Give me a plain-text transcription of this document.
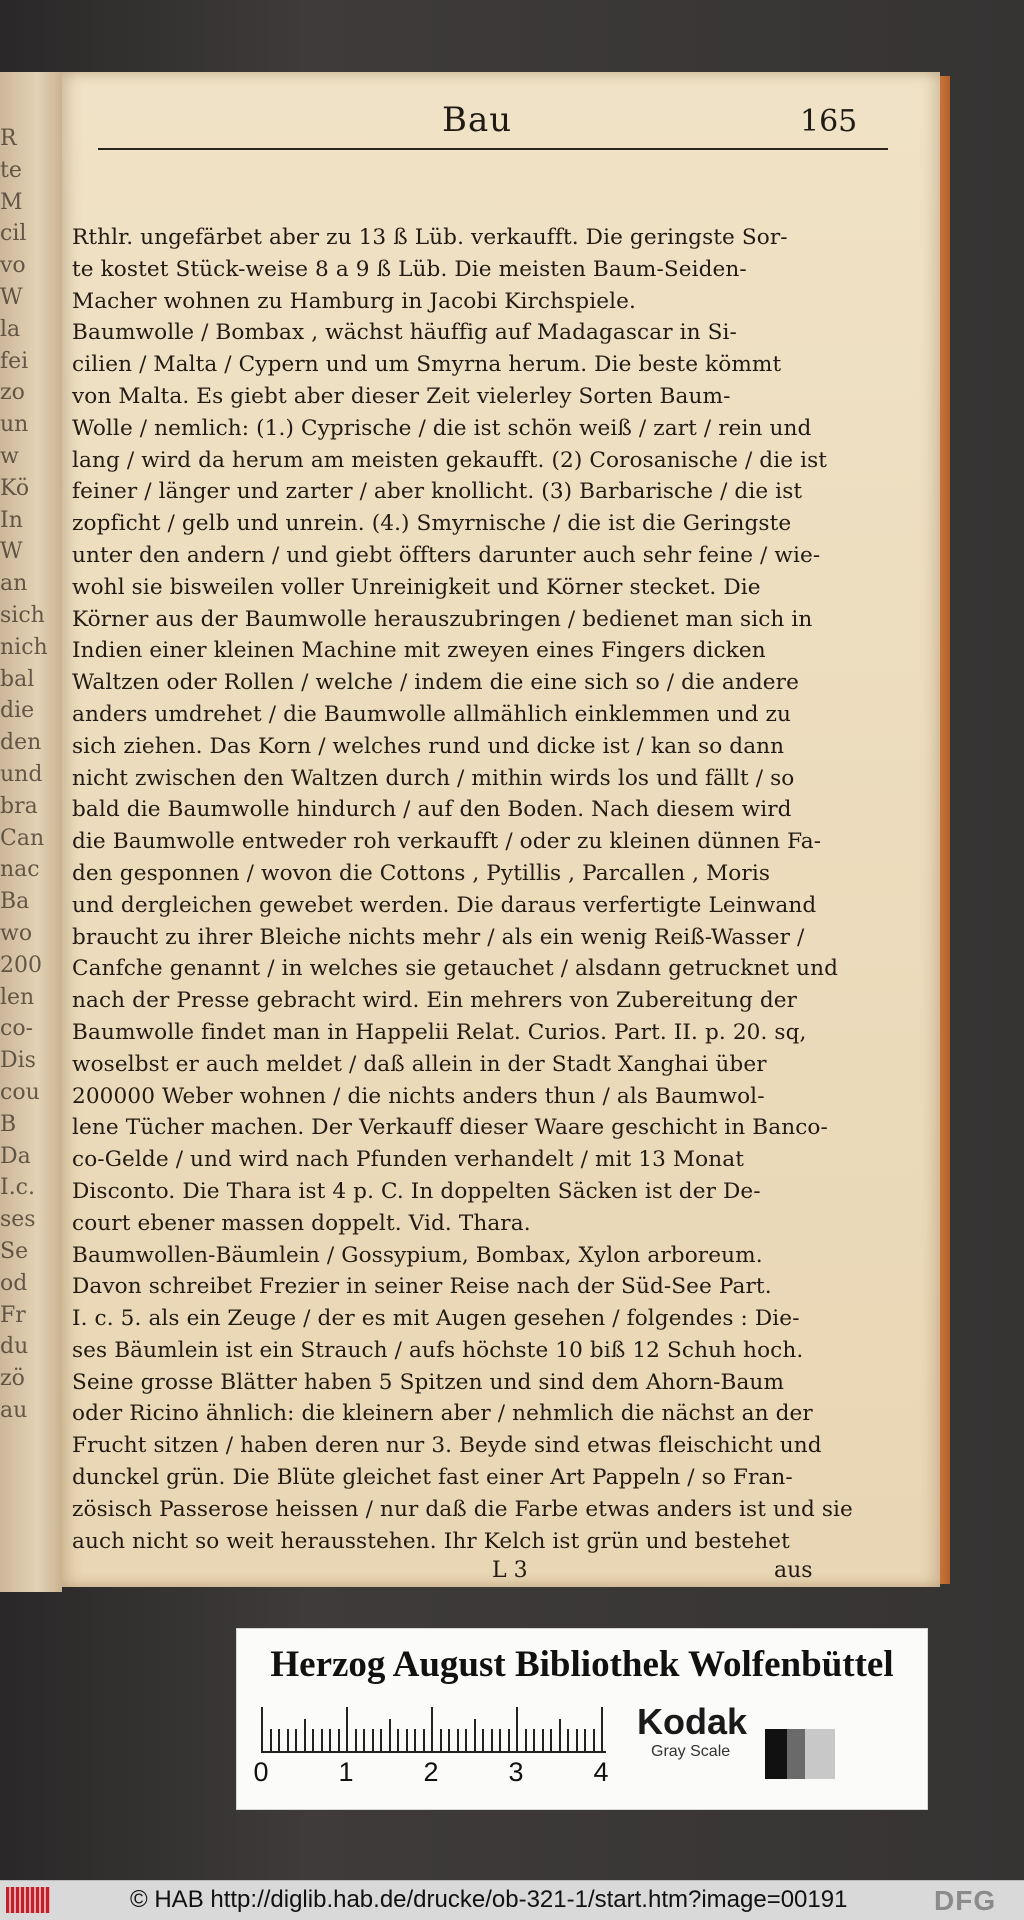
R
te
M
cil
vo
W
la
fei
zo
un
w
Kö
In
W
an
sich
nich
bal
die
den
und
bra
Can
nac
Ba
wo
200
len
co-
Dis
cou
B
Da
I.c.
ses
Se
od
Fr
du
zö
au
Bau	165
Rthlr. ungefärbet aber zu 13 ß Lüb. verkaufft. Die geringste Sor-
te kostet Stück-weise 8 a 9 ß Lüb. Die meisten Baum-Seiden-
Macher wohnen zu Hamburg in Jacobi Kirchspiele.
Baumwolle / Bombax , wächst häuffig auf Madagascar in Si-
cilien / Malta / Cypern und um Smyrna herum. Die beste kömmt
von Malta. Es giebt aber dieser Zeit vielerley Sorten Baum-
Wolle / nemlich: (1.) Cyprische / die ist schön weiß / zart / rein und
lang / wird da herum am meisten gekaufft. (2) Corosanische / die ist
feiner / länger und zarter / aber knollicht. (3) Barbarische / die ist
zopficht / gelb und unrein. (4.) Smyrnische / die ist die Geringste
unter den andern / und giebt öffters darunter auch sehr feine / wie-
wohl sie bisweilen voller Unreinigkeit und Körner stecket. Die
Körner aus der Baumwolle herauszubringen / bedienet man sich in
Indien einer kleinen Machine mit zweyen eines Fingers dicken
Waltzen oder Rollen / welche / indem die eine sich so / die andere
anders umdrehet / die Baumwolle allmählich einklemmen und zu
sich ziehen. Das Korn / welches rund und dicke ist / kan so dann
nicht zwischen den Waltzen durch / mithin wirds los und fällt / so
bald die Baumwolle hindurch / auf den Boden. Nach diesem wird
die Baumwolle entweder roh verkaufft / oder zu kleinen dünnen Fa-
den gesponnen / wovon die Cottons , Pytillis , Parcallen , Moris
und dergleichen gewebet werden. Die daraus verfertigte Leinwand
braucht zu ihrer Bleiche nichts mehr / als ein wenig Reiß-Wasser /
Canfche genannt / in welches sie getauchet / alsdann getrucknet und
nach der Presse gebracht wird. Ein mehrers von Zubereitung der
Baumwolle findet man in Happelii Relat. Curios. Part. II. p. 20. sq,
woselbst er auch meldet / daß allein in der Stadt Xanghai über
200000 Weber wohnen / die nichts anders thun / als Baumwol-
lene Tücher machen. Der Verkauff dieser Waare geschicht in Banco-
co-Gelde / und wird nach Pfunden verhandelt / mit 13 Monat
Disconto. Die Thara ist 4 p. C. In doppelten Säcken ist der De-
court ebener massen doppelt. Vid. Thara.
Baumwollen-Bäumlein / Gossypium, Bombax, Xylon arboreum.
Davon schreibet Frezier in seiner Reise nach der Süd-See Part.
I. c. 5. als ein Zeuge / der es mit Augen gesehen / folgendes : Die-
ses Bäumlein ist ein Strauch / aufs höchste 10 biß 12 Schuh hoch.
Seine grosse Blätter haben 5 Spitzen und sind dem Ahorn-Baum
oder Ricino ähnlich: die kleinern aber / nehmlich die nächst an der
Frucht sitzen / haben deren nur 3. Beyde sind etwas fleischicht und
dunckel grün. Die Blüte gleichet fast einer Art Pappeln / so Fran-
zösisch Passerose heissen / nur daß die Farbe etwas anders ist und sie
auch nicht so weit herausstehen. Ihr Kelch ist grün und bestehet
L 3	aus
Herzog August Bibliothek Wolfenbüttel
0	1	2	3	4
Kodak
Gray Scale
© HAB http://diglib.hab.de/drucke/ob-321-1/start.htm?image=00191	DFG
